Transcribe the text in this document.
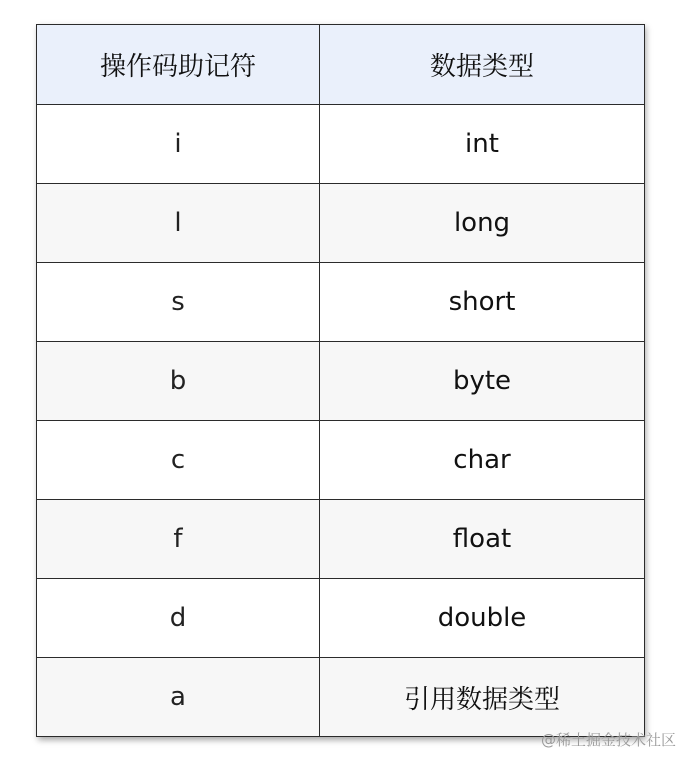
操作码助记符	数据类型
i	int
l	long
s	short
b	byte
c	char
f	float
d	double
a	引用数据类型
@稀土掘金技术社区
